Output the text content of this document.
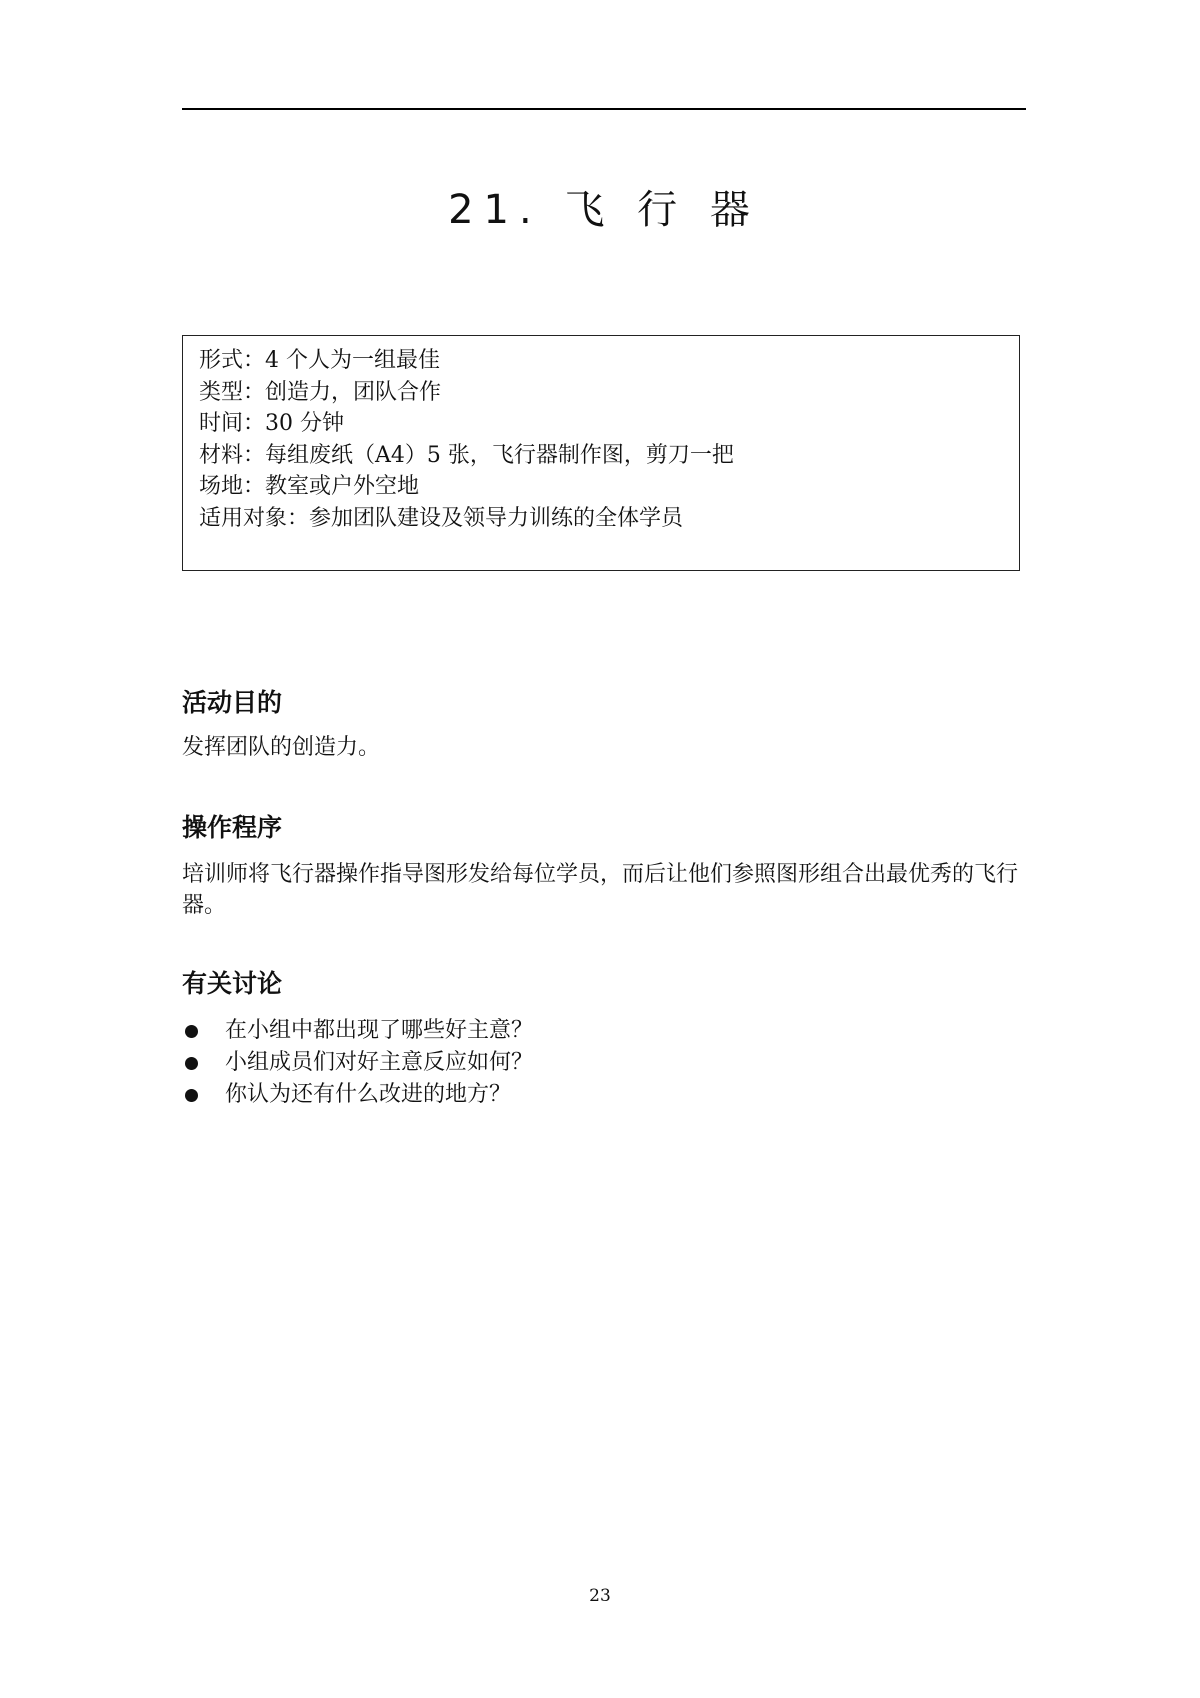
21. 飞 行 器
形式：4 个人为一组最佳
类型：创造力，团队合作
时间：30 分钟
材料：每组废纸（A4）5 张，飞行器制作图，剪刀一把
场地：教室或户外空地
适用对象：参加团队建设及领导力训练的全体学员
活动目的

发挥团队的创造力。

操作程序

培训师将飞行器操作指导图形发给每位学员，而后让他们参照图形组合出最优秀的飞行器。

有关讨论
在小组中都出现了哪些好主意？
小组成员们对好主意反应如何？
你认为还有什么改进的地方？
23
